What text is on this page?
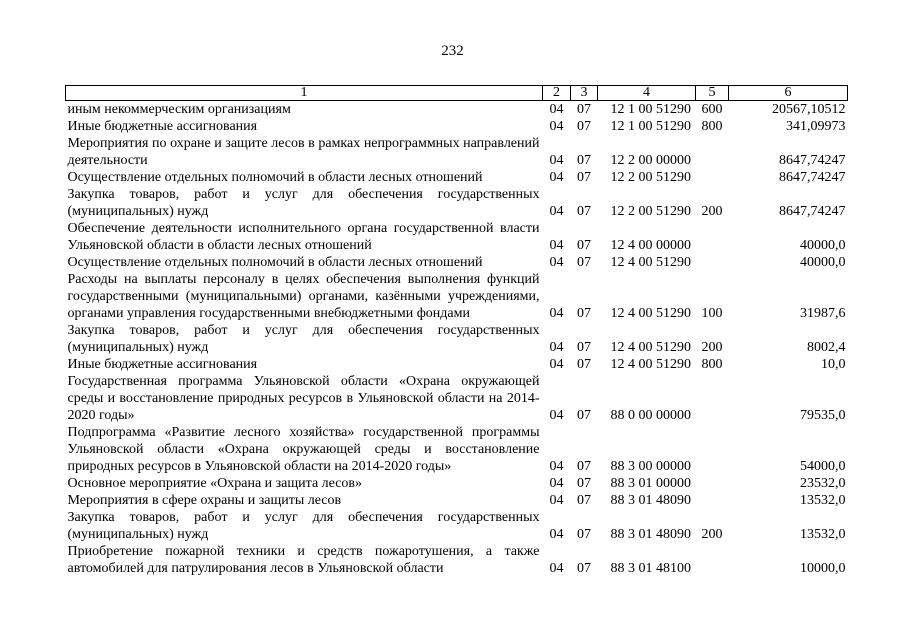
232
1	2	3	4	5	6
иным некоммерческим организациям	04	07	12 1 00 51290	600	20567,10512
Иные бюджетные ассигнования	04	07	12 1 00 51290	800	341,09973
Мероприятия по охране и защите лесов в рамках непрограммных направлений деятельности	04	07	12 2 00 00000		8647,74247
Осуществление отдельных полномочий в области лесных отношений	04	07	12 2 00 51290		8647,74247
Закупка товаров, работ и услуг для обеспечения государственных (муниципальных) нужд	04	07	12 2 00 51290	200	8647,74247
Обеспечение деятельности исполнительного органа государственной власти Ульяновской области в области лесных отношений	04	07	12 4 00 00000		40000,0
Осуществление отдельных полномочий в области лесных отношений	04	07	12 4 00 51290		40000,0
Расходы на выплаты персоналу в целях обеспечения выполнения функций государственными (муниципальными) органами, казёнными учреждениями, органами управления государственными внебюджетными фондами	04	07	12 4 00 51290	100	31987,6
Закупка товаров, работ и услуг для обеспечения государственных (муниципальных) нужд	04	07	12 4 00 51290	200	8002,4
Иные бюджетные ассигнования	04	07	12 4 00 51290	800	10,0
Государственная программа Ульяновской области «Охрана окружающей среды и восстановление природных ресурсов в Ульяновской области на 2014-2020 годы»	04	07	88 0 00 00000		79535,0
Подпрограмма «Развитие лесного хозяйства» государственной программы Ульяновской области «Охрана окружающей среды и восстановление природных ресурсов в Ульяновской области на 2014-2020 годы»	04	07	88 3 00 00000		54000,0
Основное мероприятие «Охрана и защита лесов»	04	07	88 3 01 00000		23532,0
Мероприятия в сфере охраны и защиты лесов	04	07	88 3 01 48090		13532,0
Закупка товаров, работ и услуг для обеспечения государственных (муниципальных) нужд	04	07	88 3 01 48090	200	13532,0
Приобретение пожарной техники и средств пожаротушения, а также автомобилей для патрулирования лесов в Ульяновской области	04	07	88 3 01 48100		10000,0
